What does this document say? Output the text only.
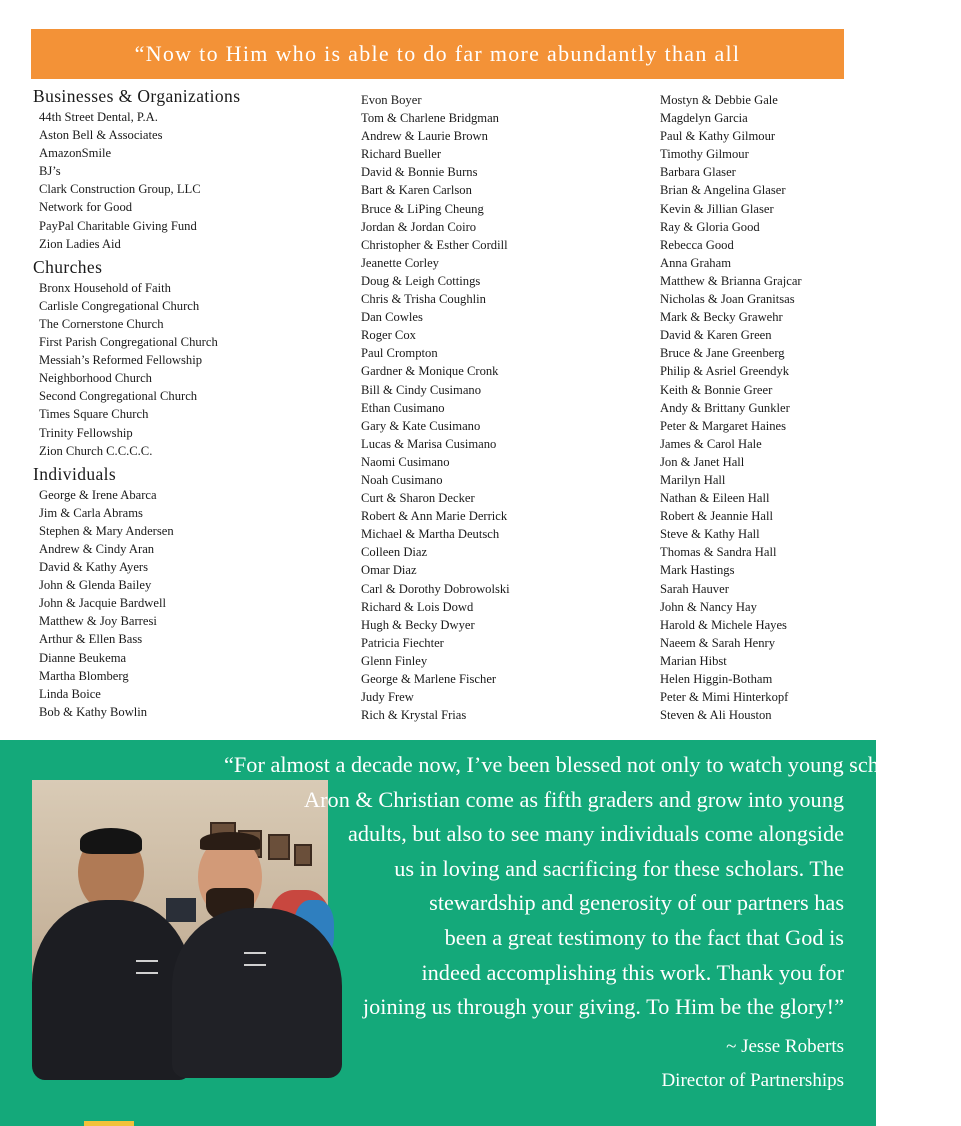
“Now to Him who is able to do far more abundantly than all
Businesses & Organizations
44th Street Dental, P.A.
Aston Bell & Associates
AmazonSmile
BJ’s
Clark Construction Group, LLC
Network for Good
PayPal Charitable Giving Fund
Zion Ladies Aid
Churches
Bronx Household of Faith
Carlisle Congregational Church
The Cornerstone Church
First Parish Congregational Church
Messiah’s Reformed Fellowship
Neighborhood Church
Second Congregational Church
Times Square Church
Trinity Fellowship
Zion Church C.C.C.C.
Individuals
George & Irene Abarca
Jim & Carla Abrams
Stephen & Mary Andersen
Andrew & Cindy Aran
David & Kathy Ayers
John & Glenda Bailey
John & Jacquie Bardwell
Matthew & Joy Barresi
Arthur & Ellen Bass
Dianne Beukema
Martha Blomberg
Linda Boice
Bob & Kathy Bowlin
Evon Boyer
Tom & Charlene Bridgman
Andrew & Laurie Brown
Richard Bueller
David & Bonnie Burns
Bart & Karen Carlson
Bruce & LiPing Cheung
Jordan & Jordan Coiro
Christopher & Esther Cordill
Jeanette Corley
Doug & Leigh Cottings
Chris & Trisha Coughlin
Dan Cowles
Roger Cox
Paul Crompton
Gardner & Monique Cronk
Bill & Cindy Cusimano
Ethan Cusimano
Gary & Kate Cusimano
Lucas & Marisa Cusimano
Naomi Cusimano
Noah Cusimano
Curt & Sharon Decker
Robert & Ann Marie Derrick
Michael & Martha Deutsch
Colleen Diaz
Omar Diaz
Carl & Dorothy Dobrowolski
Richard & Lois Dowd
Hugh & Becky Dwyer
Patricia Fiechter
Glenn Finley
George & Marlene Fischer
Judy Frew
Rich & Krystal Frias
Mostyn & Debbie Gale
Magdelyn Garcia
Paul & Kathy Gilmour
Timothy Gilmour
Barbara Glaser
Brian & Angelina Glaser
Kevin & Jillian Glaser
Ray & Gloria Good
Rebecca Good
Anna Graham
Matthew & Brianna Grajcar
Nicholas & Joan Granitsas
Mark & Becky Grawehr
David & Karen Green
Bruce & Jane Greenberg
Philip & Asriel Greendyk
Keith & Bonnie Greer
Andy & Brittany Gunkler
Peter & Margaret Haines
James & Carol Hale
Jon & Janet Hall
Marilyn Hall
Nathan & Eileen Hall
Robert & Jeannie Hall
Steve & Kathy Hall
Thomas & Sandra Hall
Mark Hastings
Sarah Hauver
John & Nancy Hay
Harold & Michele Hayes
Naeem & Sarah Henry
Marian Hibst
Helen Higgin-Botham
Peter & Mimi Hinterkopf
Steven & Ali Houston
“For almost a decade now, I’ve been blessed not only to watch young scholars like
Aron & Christian come as fifth graders and grow into young
adults, but also to see many individuals come alongside
us in loving and sacrificing for these scholars. The
stewardship and generosity of our partners has
been a great testimony to the fact that God is
indeed accomplishing this work. Thank you for
joining us through your giving. To Him be the glory!”
~ Jesse Roberts
Director of Partnerships
